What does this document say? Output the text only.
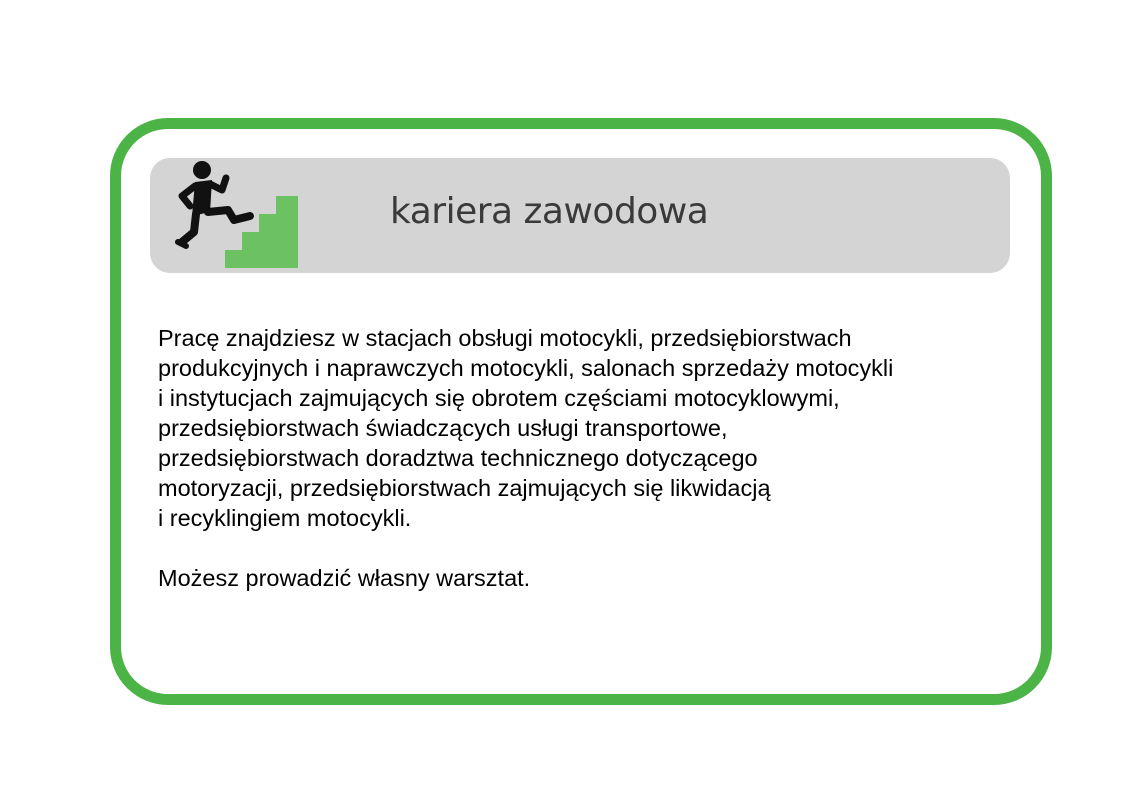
kariera zawodowa
Pracę znajdziesz w stacjach obsługi motocykli, przedsiębiorstwach
produkcyjnych i naprawczych motocykli, salonach sprzedaży motocykli
i instytucjach zajmujących się obrotem częściami motocyklowymi,
przedsiębiorstwach świadczących usługi transportowe,
przedsiębiorstwach doradztwa technicznego dotyczącego
motoryzacji, przedsiębiorstwach zajmujących się likwidacją
i recyklingiem motocykli.
Możesz prowadzić własny warsztat.
